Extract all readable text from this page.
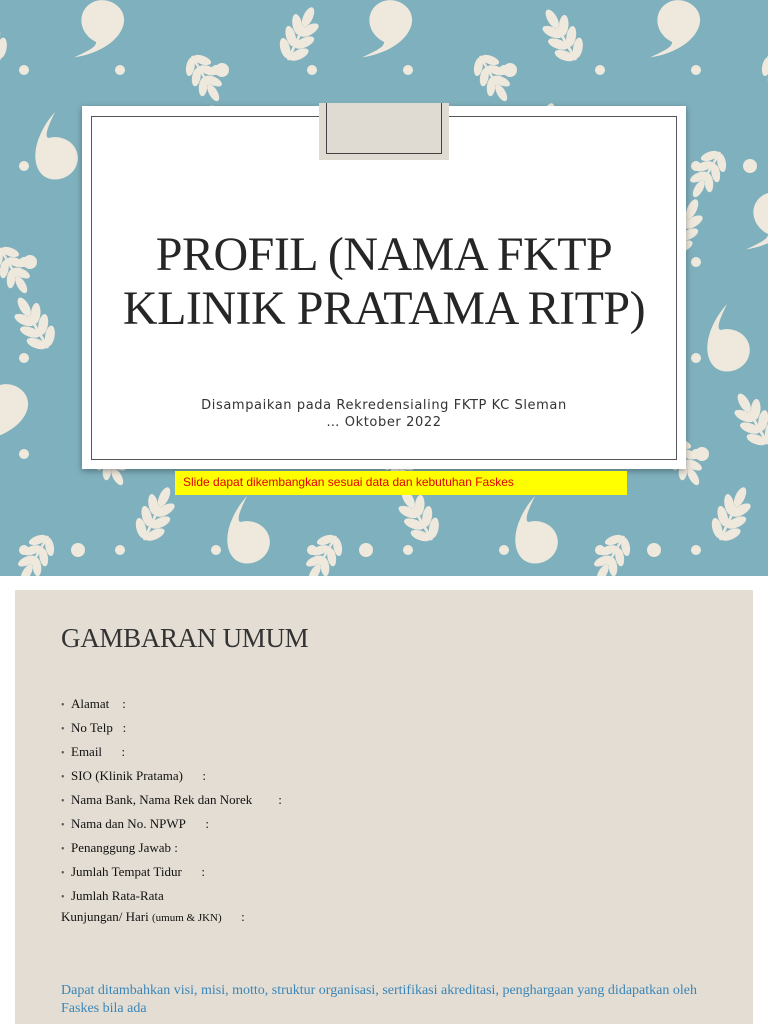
PROFIL (NAMA FKTP
KLINIK PRATAMA RITP)
Disampaikan pada Rekredensialing FKTP KC Sleman
… Oktober 2022
Slide dapat dikembangkan sesuai data dan kebutuhan Faskes
GAMBARAN UMUM
• Alamat    :
• No Telp   :
• Email      :
• SIO (Klinik Pratama)      :
• Nama Bank, Nama Rek dan Norek        :
• Nama dan No. NPWP      :
• Penanggung Jawab :
• Jumlah Tempat Tidur      :
• Jumlah Rata-Rata
Kunjungan/ Hari (umum & JKN)      :
Dapat ditambahkan visi, misi, motto, struktur organisasi, sertifikasi akreditasi, penghargaan yang didapatkan oleh Faskes bila ada
